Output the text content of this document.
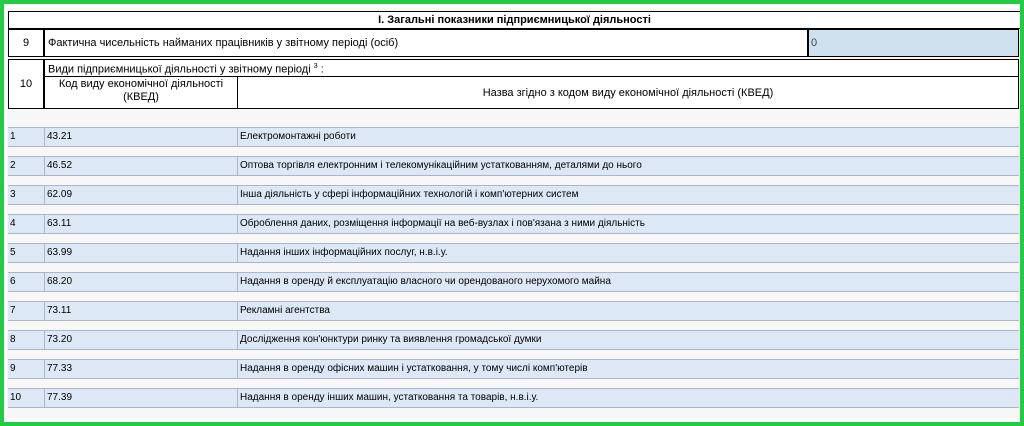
І. Загальні показники підприємницької діяльності
9	Фактична чисельність найманих працівників у звітному періоді (осіб)	0
10
Види підприємницької діяльності у звітному періоді $^3$ :
Код виду економічної діяльності (КВЕД)	Назва згідно з кодом виду економічної діяльності (КВЕД)
1	43.21	Електромонтажні роботи
2	46.52	Оптова торгівля електронним і телекомунікаційним устаткованням, деталями до нього
3	62.09	Інша діяльність у сфері інформаційних технологій і комп'ютерних систем
4	63.11	Оброблення даних, розміщення інформації на веб-вузлах і пов'язана з ними діяльність
5	63.99	Надання інших інформаційних послуг, н.в.і.у.
6	68.20	Надання в оренду й експлуатацію власного чи орендованого нерухомого майна
7	73.11	Рекламні агентства
8	73.20	Дослідження кон'юнктури ринку та виявлення громадської думки
9	77.33	Надання в оренду офісних машин і устатковання, у тому числі комп'ютерів
10	77.39	Надання в оренду інших машин, устатковання та товарів, н.в.і.у.
